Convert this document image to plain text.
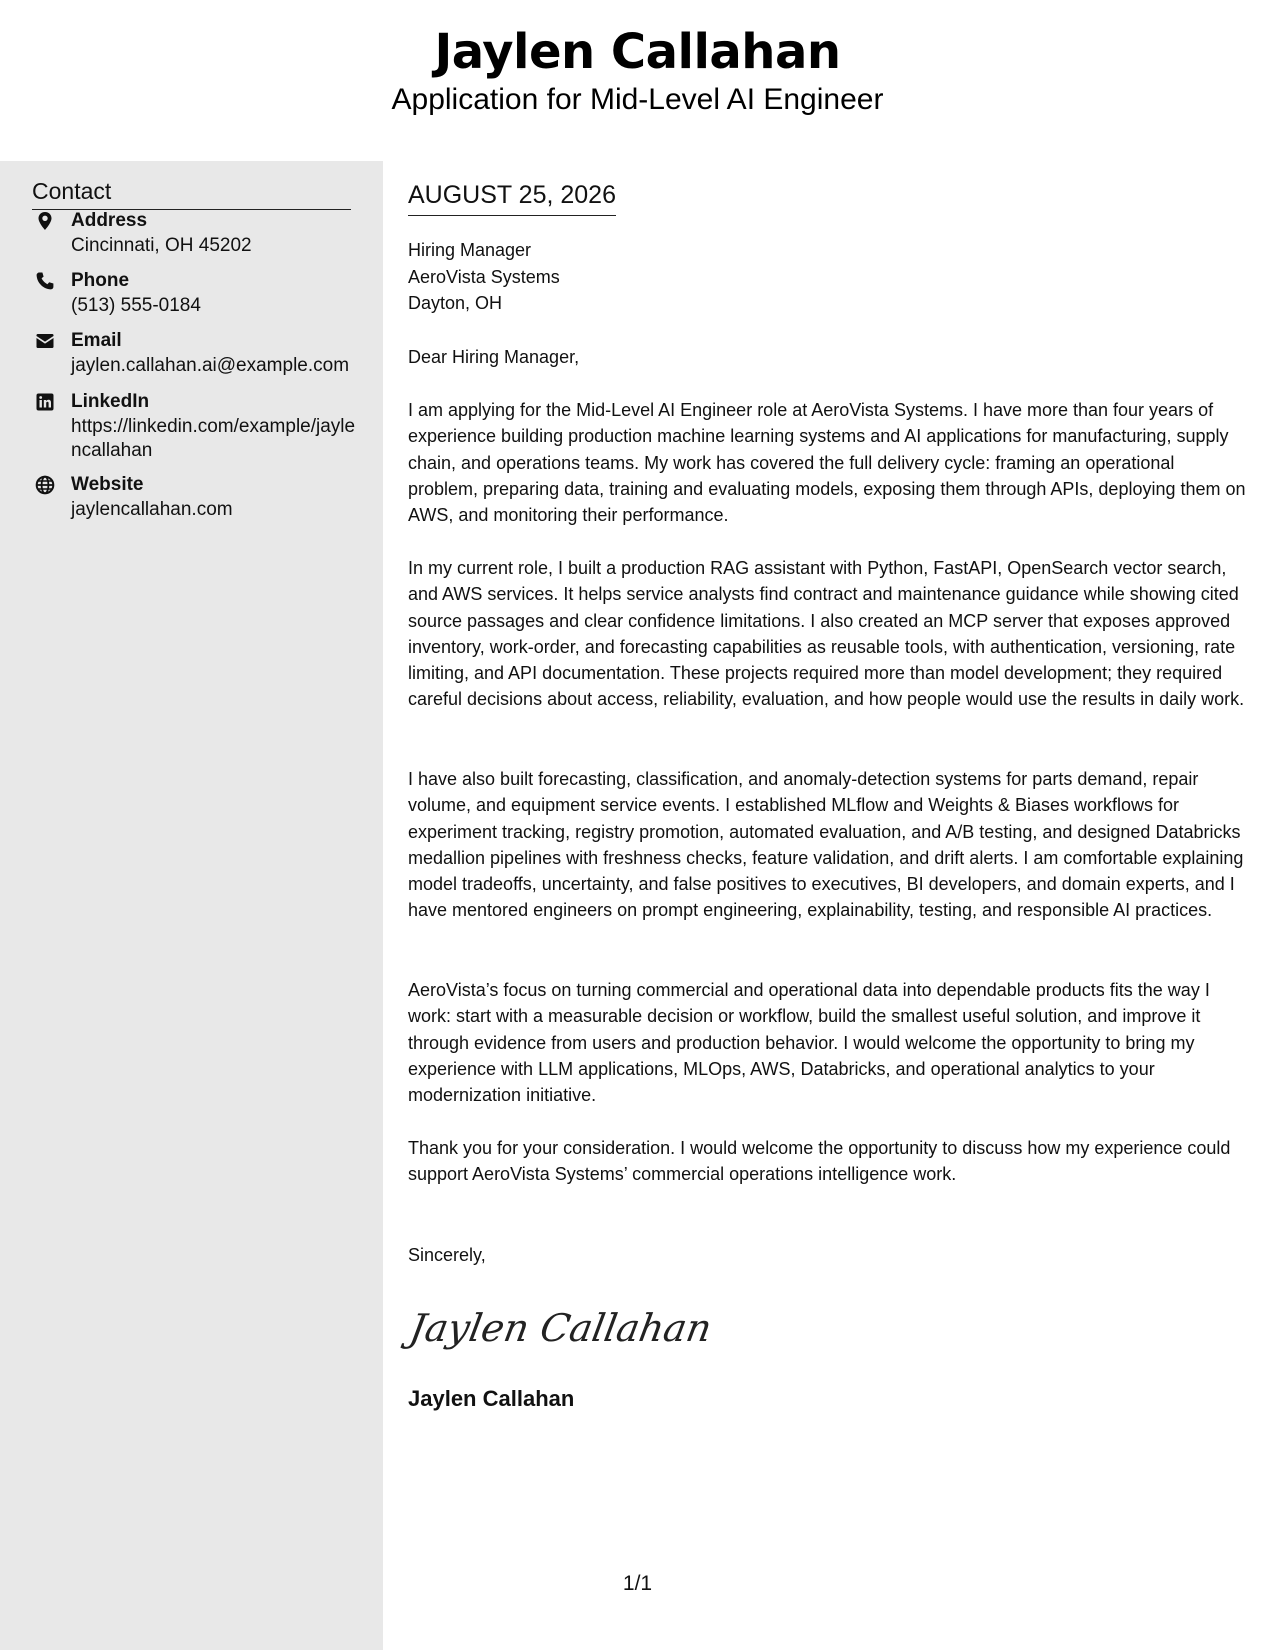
Jaylen Callahan
Application for Mid-Level AI Engineer
Contact
Address
Cincinnati, OH 45202
Phone
(513) 555-0184
Email
jaylen.callahan.ai@example.com
LinkedIn
https://linkedin.com/example/jaylencallahan
Website
jaylencallahan.com
AUGUST 25, 2026
Hiring Manager
AeroVista Systems
Dayton, OH
Dear Hiring Manager,
I am applying for the Mid-Level AI Engineer role at AeroVista Systems. I have more than four years of experience building production machine learning systems and AI applications for manufacturing, supply chain, and operations teams. My work has covered the full delivery cycle: framing an operational problem, preparing data, training and evaluating models, exposing them through APIs, deploying them on AWS, and monitoring their performance.
In my current role, I built a production RAG assistant with Python, FastAPI, OpenSearch vector search, and AWS services. It helps service analysts find contract and maintenance guidance while showing cited source passages and clear confidence limitations. I also created an MCP server that exposes approved inventory, work-order, and forecasting capabilities as reusable tools, with authentication, versioning, rate limiting, and API documentation. These projects required more than model development; they required careful decisions about access, reliability, evaluation, and how people would use the results in daily work.
I have also built forecasting, classification, and anomaly-detection systems for parts demand, repair volume, and equipment service events. I established MLflow and Weights & Biases workflows for experiment tracking, registry promotion, automated evaluation, and A/B testing, and designed Databricks medallion pipelines with freshness checks, feature validation, and drift alerts. I am comfortable explaining model tradeoffs, uncertainty, and false positives to executives, BI developers, and domain experts, and I have mentored engineers on prompt engineering, explainability, testing, and responsible AI practices.
AeroVista’s focus on turning commercial and operational data into dependable products fits the way I work: start with a measurable decision or workflow, build the smallest useful solution, and improve it through evidence from users and production behavior. I would welcome the opportunity to bring my experience with LLM applications, MLOps, AWS, Databricks, and operational analytics to your modernization initiative.
Thank you for your consideration. I would welcome the opportunity to discuss how my experience could support AeroVista Systems’ commercial operations intelligence work.
Sincerely,
Jaylen Callahan
Jaylen Callahan
1/1
